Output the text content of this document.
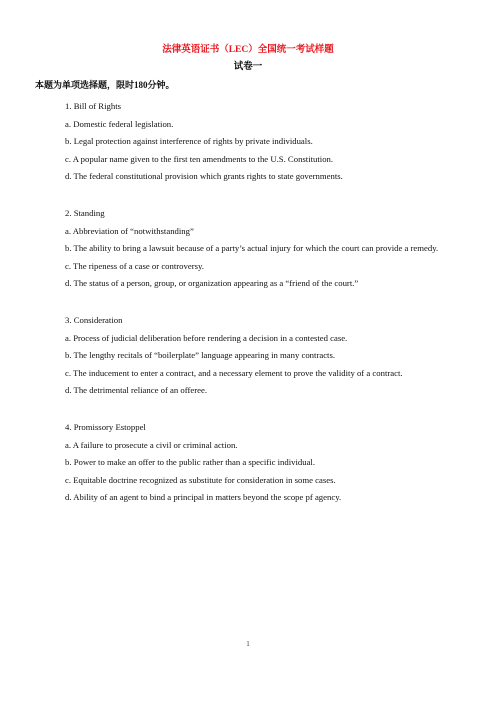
法律英语证书（LEC）全国统一考试样题
试卷一
本题为单项选择题，限时180分钟。

1. Bill of Rights

a. Domestic federal legislation.

b. Legal protection against interference of rights by private individuals.

c. A popular name given to the first ten amendments to the U.S. Constitution.

d. The federal constitutional provision which grants rights to state governments.

2. Standing

a. Abbreviation of “notwithstanding”

b. The ability to bring a lawsuit because of a party’s actual injury for which the court can provide a remedy.

c. The ripeness of a case or controversy.

d. The status of a person, group, or organization appearing as a “friend of the court.”

3. Consideration

a. Process of judicial deliberation before rendering a decision in a contested case.

b. The lengthy recitals of “boilerplate” language appearing in many contracts.

c. The inducement to enter a contract, and a necessary element to prove the validity of a contract.

d. The detrimental reliance of an offeree.

4. Promissory Estoppel

a. A failure to prosecute a civil or criminal action.

b. Power to make an offer to the public rather than a specific individual.

c. Equitable doctrine recognized as substitute for consideration in some cases.

d. Ability of an agent to bind a principal in matters beyond the scope pf agency.

1
